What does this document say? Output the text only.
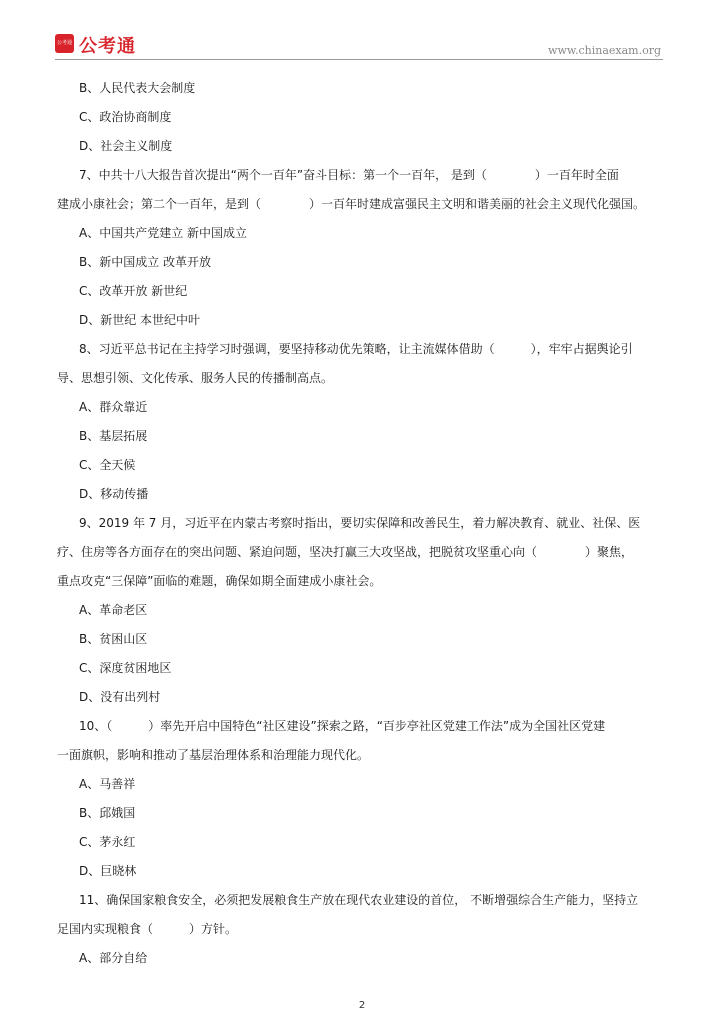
公考通 公考通	www.chinaexam.org
B、人民代表大会制度
C、政治协商制度
D、社会主义制度
7、中共十八大报告首次提出“两个一百年”奋斗目标：第一个一百年， 是到（　　　　）一百年时全面
建成小康社会；第二个一百年，是到（　　　　）一百年时建成富强民主文明和谐美丽的社会主义现代化强国。
A、中国共产党建立 新中国成立
B、新中国成立 改革开放
C、改革开放 新世纪
D、新世纪 本世纪中叶
8、习近平总书记在主持学习时强调，要坚持移动优先策略，让主流媒体借助（　　　），牢牢占据舆论引
导、思想引领、文化传承、服务人民的传播制高点。
A、群众靠近
B、基层拓展
C、全天候
D、移动传播
9、2019 年 7 月，习近平在内蒙古考察时指出，要切实保障和改善民生，着力解决教育、就业、社保、医
疗、住房等各方面存在的突出问题、紧迫问题，坚决打赢三大攻坚战，把脱贫攻坚重心向（　　　　）聚焦，
重点攻克“三保障”面临的难题，确保如期全面建成小康社会。
A、革命老区
B、贫困山区
C、深度贫困地区
D、没有出列村
10、（　　　）率先开启中国特色“社区建设”探索之路，“百步亭社区党建工作法”成为全国社区党建
一面旗帜，影响和推动了基层治理体系和治理能力现代化。
A、马善祥
B、邱娥国
C、茅永红
D、巨晓林
11、确保国家粮食安全，必须把发展粮食生产放在现代农业建设的首位， 不断增强综合生产能力，坚持立
足国内实现粮食（　　　）方针。
A、部分自给
2
